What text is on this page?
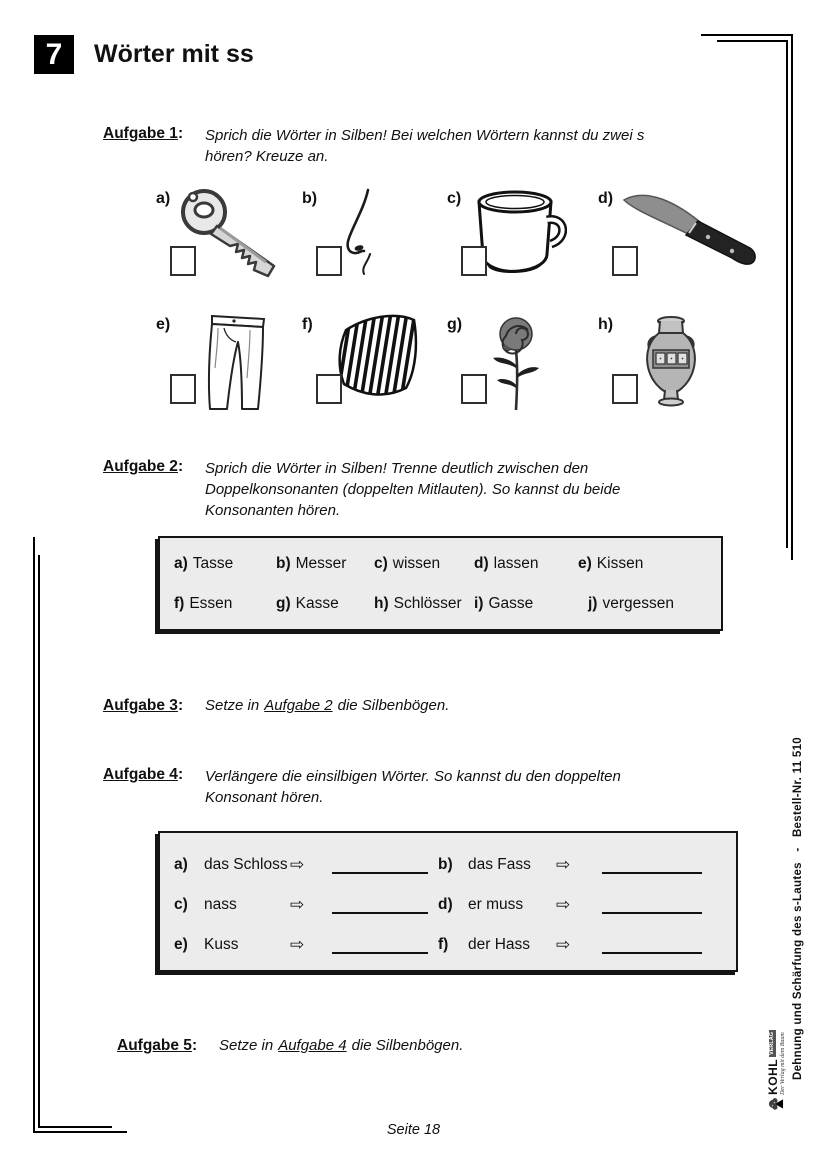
7	Wörter mit ss
Aufgabe 1:	Sprich die Wörter in Silben! Bei welchen Wörtern kannst du zwei s hören? Kreuze an.
a)	b)	c)	d)
e)	f)	g)	h)
Aufgabe 2:	Sprich die Wörter in Silben! Trenne deutlich zwischen den Doppelkonsonanten (doppelten Mitlauten). So kannst du beide Konsonanten hören.
a) Tasse	b) Messer c) wissen d) lassen	e) Kissen
f) Essen	g) Kasse h) Schlösser i) Gasse	j) vergessen
Aufgabe 3:	Setze in Aufgabe 2 die Silbenbögen.
Aufgabe 4:	Verlängere die einsilbigen Wörter. So kannst du den doppelten Konsonant hören.
a)	das Schloss ⇨	b) das Fass	⇨
c)	nass	⇨	d) er muss	⇨
e)	Kuss	⇨	f)	der Hass	⇨
Aufgabe 5:	Setze in Aufgabe 4 die Silbenbögen.	Dehnung und Schärfung des s-Lautes   -   Bestell-Nr. 11 510
KOHL
VERLAG Der Verlag mit dem Baum
Seite 18
